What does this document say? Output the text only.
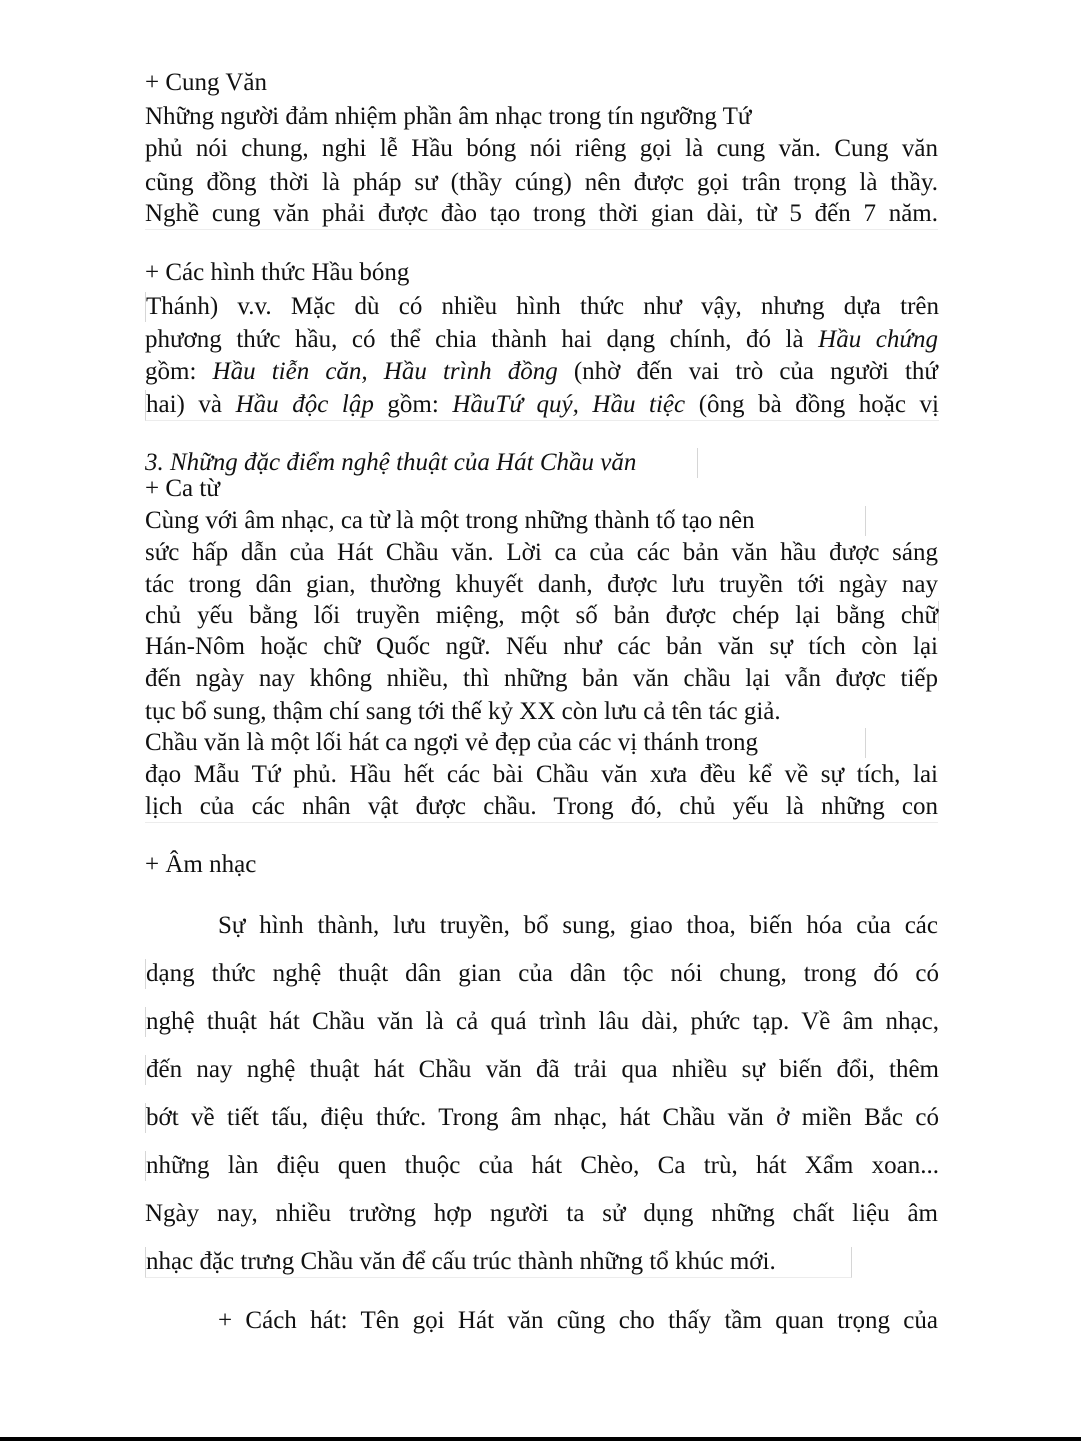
+ Cung Văn
Những người đảm nhiệm phần âm nhạc trong tín ngưỡng Tứ
phủ nói chung, nghi lễ Hầu bóng nói riêng gọi là cung văn. Cung văn
cũng đồng thời là pháp sư (thầy cúng) nên được gọi trân trọng là thầy.
Nghề cung văn phải được đào tạo trong thời gian dài, từ 5 đến 7 năm.
+ Các hình thức Hầu bóng
Thánh) v.v. Mặc dù có nhiều hình thức như vậy, nhưng dựa trên
phương thức hầu, có thể chia thành hai dạng chính, đó là Hầu chứng
gồm: Hầu tiễn căn, Hầu trình đồng (nhờ đến vai trò của người thứ
hai) và Hầu độc lập gồm: HầuTứ quý, Hầu tiệc (ông bà đồng hoặc vị
3. Những đặc điểm nghệ thuật của Hát Chầu văn
+ Ca từ
Cùng với âm nhạc, ca từ là một trong những thành tố tạo nên
sức hấp dẫn của Hát Chầu văn. Lời ca của các bản văn hầu được sáng
tác trong dân gian, thường khuyết danh, được lưu truyền tới ngày nay
chủ yếu bằng lối truyền miệng, một số bản được chép lại bằng chữ
Hán-Nôm hoặc chữ Quốc ngữ. Nếu như các bản văn sự tích còn lại
đến ngày nay không nhiều, thì những bản văn chầu lại vẫn được tiếp
tục bổ sung, thậm chí sang tới thế kỷ XX còn lưu cả tên tác giả.
Chầu văn là một lối hát ca ngợi vẻ đẹp của các vị thánh trong
đạo Mẫu Tứ phủ. Hầu hết các bài Chầu văn xưa đều kể về sự tích, lai
lịch của các nhân vật được chầu. Trong đó, chủ yếu là những con
+ Âm nhạc
Sự hình thành, lưu truyền, bổ sung, giao thoa, biến hóa của các
dạng thức nghệ thuật dân gian của dân tộc nói chung, trong đó có
nghệ thuật hát Chầu văn là cả quá trình lâu dài, phức tạp. Về âm nhạc,
đến nay nghệ thuật hát Chầu văn đã trải qua nhiều sự biến đổi, thêm
bớt về tiết tấu, điệu thức. Trong âm nhạc, hát Chầu văn ở miền Bắc có
những làn điệu quen thuộc của hát Chèo, Ca trù, hát Xẩm xoan...
Ngày nay, nhiều trường hợp người ta sử dụng những chất liệu âm
nhạc đặc trưng Chầu văn để cấu trúc thành những tổ khúc mới.
+ Cách hát: Tên gọi Hát văn cũng cho thấy tầm quan trọng của
